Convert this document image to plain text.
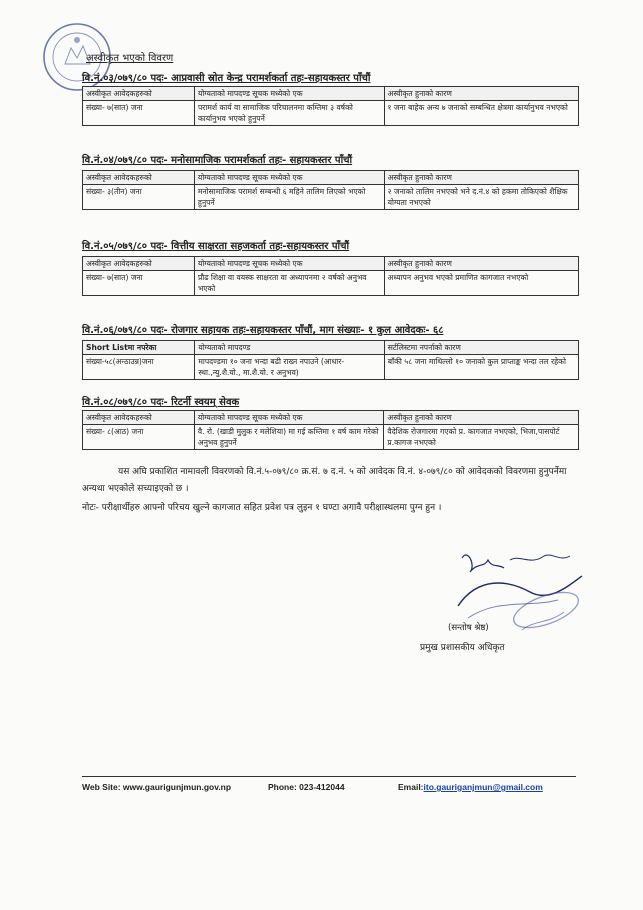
अस्वीकृत भएको विवरण
वि.नं.०३/०७९/८० पदः- आप्रवासी स्रोत केन्द्र परामर्शकर्ता तहः-सहायकस्तर पाँचौं
अस्वीकृत आवेदकहरुको	योग्यताको मापदण्ड सूचक मध्येको एक	अस्वीकृत हुनाको कारण
संख्या- ७(सात) जना	परामर्श कार्य वा सामाजिक परिचालनमा कम्तिमा ३ वर्षको कार्यानुभव भएको हुनुपर्ने	१ जना बाहेक अन्य ७ जनाको सम्बन्धित क्षेत्रमा कार्यानुभव नभएको
वि.नं.०४/०७९/८० पदः- मनोसामाजिक परामर्शकर्ता तहः- सहायकस्तर पाँचौं
अस्वीकृत आवेदकहरुको	योग्यताको मापदण्ड सूचक मध्येको एक	अस्वीकृत हुनाको कारण
संख्या- ३(तीन) जना	मनोसामाजिक परामर्श सम्बन्धी ६ महिने तालिम लिएको भएको हुनुपर्ने	२ जनाको तालिम नभएको भने द.नं.४ को हकमा तोकिएको शैक्षिक योग्यता नभएको
वि.नं.०५/०७९/८० पदः- वित्तीय साक्षरता सहजकर्ता तहः-सहायकस्तर पाँचौं
अस्वीकृत आवेदकहरुको	योग्यताको मापदण्ड सूचक मध्येको एक	अस्वीकृत हुनाको कारण
संख्या- ७(सात) जना	प्रौढ शिक्षा वा वयस्क साक्षरता वा अध्यापनमा २ वर्षको अनुभव भएको	अध्यापन अनुभव भएको प्रमाणित कागजात नभएको
वि.नं.०६/०७९/८० पदः- रोजगार सहायक तहः-सहायकस्तर पाँचौं, माग संख्याः- १ कुल आवेदकः- ६८
Short Listमा नपरेका	योग्यताको मापदण्ड	सर्टलिस्टमा नपर्नाको कारण
संख्या-५८(अन्ठाउन्न)जना	मापदण्डमा १० जना भन्दा बढी राख्न नपाउने (आधार-स्था.,न्यु.शै.यो., मा.शै.यो. र अनुभव)	बाँकी ५८ जना माथिल्लो १० जनाको कुल प्राप्ताङ्क भन्दा तल रहेको
वि.नं.०८/०७९/८० पदः- रिटर्नी स्वयम् सेवक
अस्वीकृत आवेदकहरुको	योग्यताको मापदण्ड सूचक मध्येको एक	अस्वीकृत हुनाको कारण
संख्या- ८(आठ) जना	वै. रो. (खाडी मुलुक र मलेशिया) मा गई कम्तिमा १ वर्ष काम गरेको अनुभव हुनुपर्ने	वैदेशिक रोजगारमा गएको प्र. कागजात नभएको, भिजा,पासपोर्ट प्र.कागज नभएको
यस अघि प्रकाशित नामावली विवरणको वि.नं.५-०७९/८० क्र.सं. ७ द.नं. ५ को आवेदक वि.नं. ४-०७९/८० को आवेदकको विवरणमा हुनुपर्नेमा अन्यथा भएकोले सच्याइएको छ ।
नोटः- परीक्षार्थीहरु आफ्नो परिचय खुल्ने कागजात सहित प्रवेश पत्र लुइन १ घण्टा अगावै परीक्षास्थलमा पुग्न हुन ।
(सन्तोष श्रेष्ठ)
प्रमुख प्रशासकीय अधिकृत
Web Site: www.gaurigunjmun.gov.np	Phone: 023-412044	Email:ito.gauriganjmun@gmail.com
